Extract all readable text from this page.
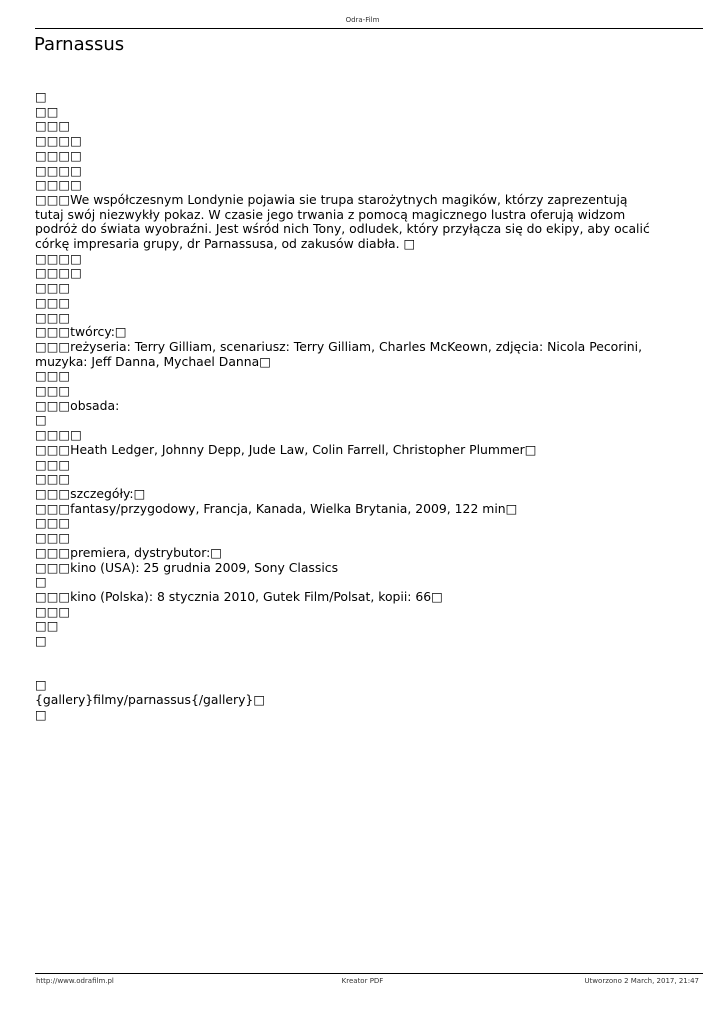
Odra-Film
Parnassus
□
□□
□□□
□□□□
□□□□
□□□□
□□□□
□□□We współczesnym Londynie pojawia sie trupa starożytnych magików, którzy zaprezentują tutaj swój niezwykły pokaz. W czasie jego trwania z pomocą magicznego lustra oferują widzom podróż do świata wyobraźni. Jest wśród nich Tony, odludek, który przyłącza się do ekipy, aby ocalić córkę impresaria grupy, dr Parnassusa, od zakusów diabła. □
□□□□
□□□□
□□□
□□□
□□□
□□□twórcy:□
□□□reżyseria: Terry Gilliam, scenariusz: Terry Gilliam, Charles McKeown, zdjęcia: Nicola Pecorini, muzyka: Jeff Danna, Mychael Danna□
□□□
□□□
□□□obsada:
□
□□□□
□□□Heath Ledger, Johnny Depp, Jude Law, Colin Farrell, Christopher Plummer□
□□□
□□□
□□□szczegóły:□
□□□fantasy/przygodowy, Francja, Kanada, Wielka Brytania, 2009, 122 min□
□□□
□□□
□□□premiera, dystrybutor:□
□□□kino (USA): 25 grudnia 2009, Sony Classics
□
□□□kino (Polska): 8 stycznia 2010, Gutek Film/Polsat, kopii: 66□
□□□
□□
□

□
{gallery}filmy/parnassus{/gallery}□
□
http://www.odrafilm.pl	Kreator PDF	Utworzono 2 March, 2017, 21:47
